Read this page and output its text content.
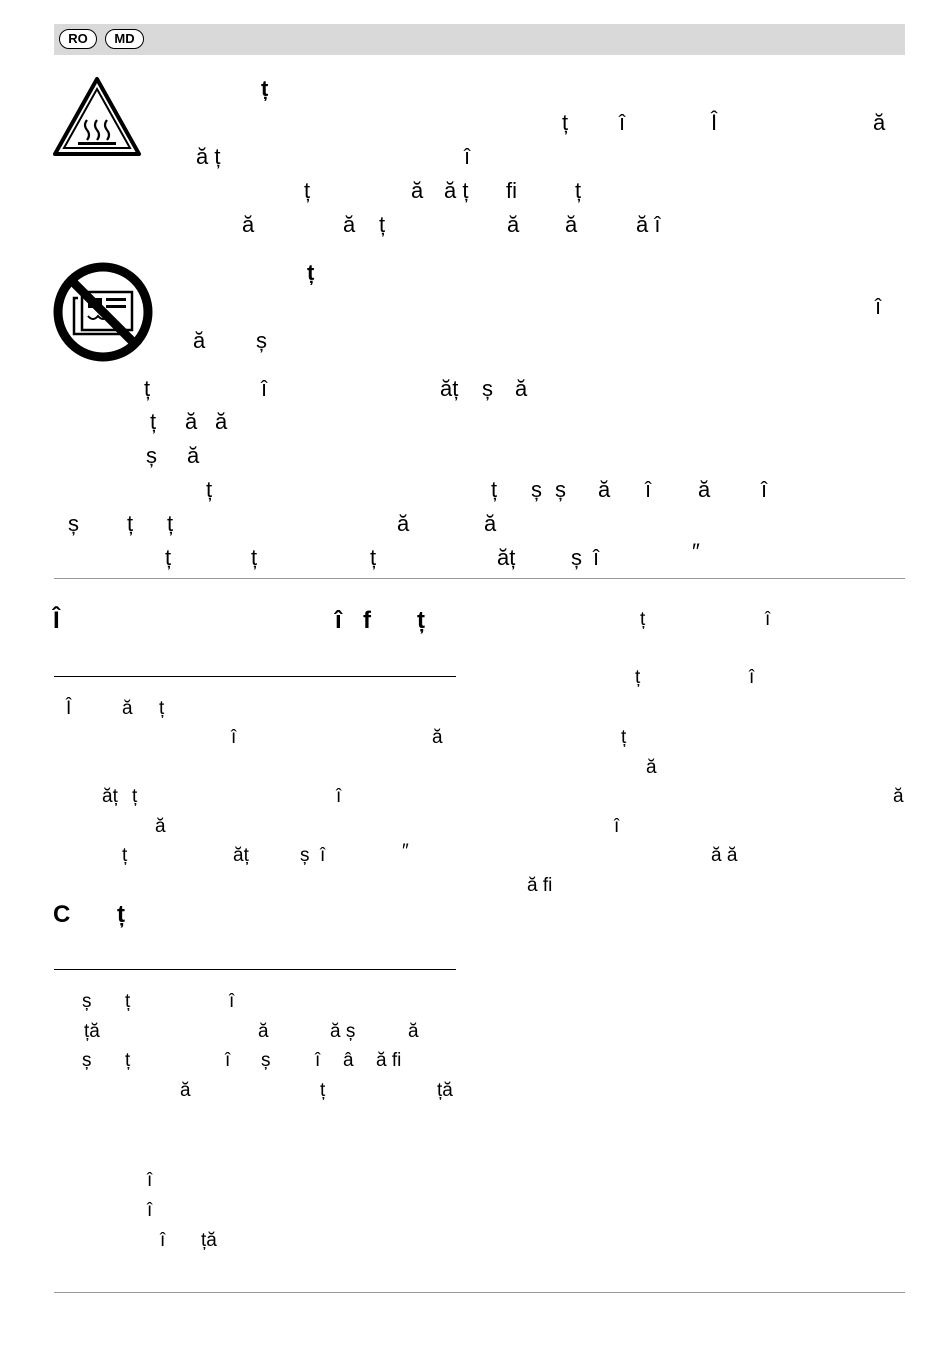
RO	MD
ț
ț î	Î	ă
ă ț	î
ț	ă ă ț fi	ț
ă	ă ț	ă ă	ă î
ț
î
ă ș
ț	î	ăț ș ă
ț ă ă
ș ă
ț	ț ș ș ă î ă î
ș ț ț	ă	ă
ț	ț	ț	ăț	ș î	″
Î	î f ț
Î	ă ț
î	ă
ăț ț	î
ă
ț	ăț	ș î	″
C ț
ș ț	î
ță	ă	ă ș	ă
ș ț	î ș î â ă fi
ă	ț	ță
î
î
î ță
ț	î
ț	î
ț
ă
ă
î
ă ă
ă fi
